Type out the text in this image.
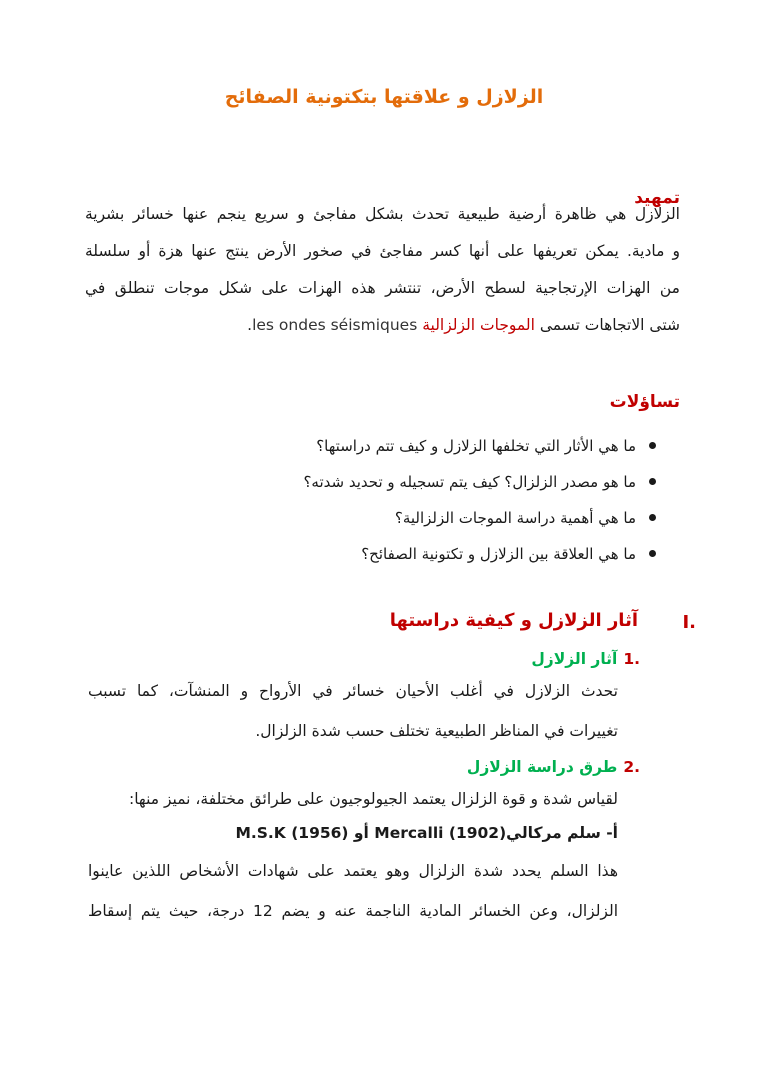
الزلازل و علاقتها بتكتونية الصفائح
تمهيد
الزلازل هي ظاهرة أرضية طبيعية تحدث بشكل مفاجئ و سريع ينجم عنها خسائر بشرية
و مادية. يمكن تعريفها على أنها كسر مفاجئ في صخور الأرض ينتج عنها هزة أو سلسلة
من الهزات الإرتجاجية لسطح الأرض، تنتشر هذه الهزات على شكل موجات تنطلق في
شتى الاتجاهات تسمى الموجات الزلزالية les ondes séismiques.
تساؤلات
ما هي الأثار التي تخلفها الزلازل و كيف تتم دراستها؟
ما هو مصدر الزلزال؟ كيف يتم تسجيله و تحديد شدته؟
ما هي أهمية دراسة الموجات الزلزالية؟
ما هي العلاقة بين الزلازل و تكتونية الصفائح؟
I.
آثار الزلازل و كيفية دراستها
1.آثار الزلازل
تحدث الزلازل في أغلب الأحيان خسائر في الأرواح و المنشآت، كما تسبب
تغييرات في المناظر الطبيعية تختلف حسب شدة الزلزال.
2.طرق دراسة الزلازل
لقياس شدة و قوة الزلزال يعتمد الجيولوجيون على طرائق مختلفة، نميز منها:
أ- سلم مركالي(1902) Mercalli أو M.S.K (1956)
هذا السلم يحدد شدة الزلزال وهو يعتمد على شهادات الأشخاص اللذين عاينوا
الزلزال، وعن الخسائر المادية الناجمة عنه و يضم 12 درجة، حيث يتم إسقاط
